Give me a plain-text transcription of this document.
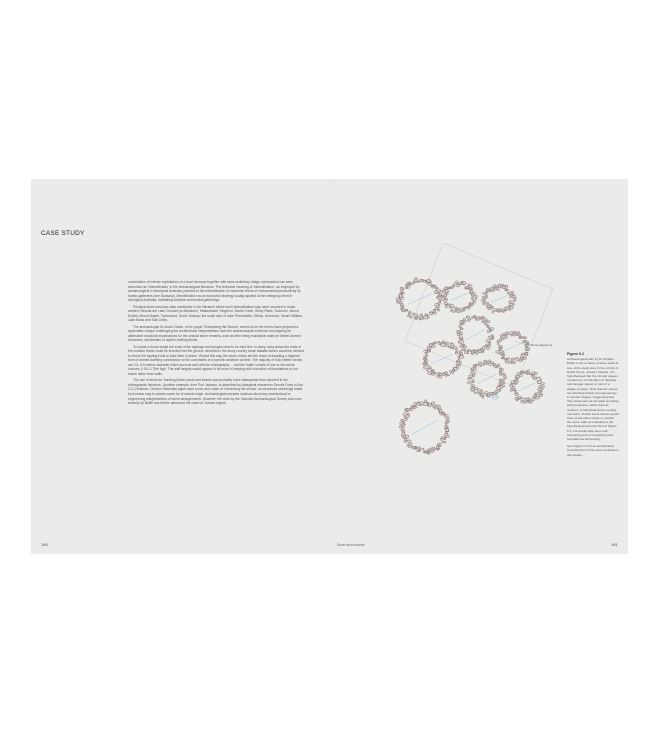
CASE STUDY

combination of intense exploitation of a local resource together with semi-sedentary village construction has been described as 'intensification' in the archaeological literature. The technical meaning of 'intensification', as employed by archaeologists in Aboriginal Australia, pertains to the intensification of economic levels of environmental productivity by hunter-gatherers (see Glossary). Intensification as an economic strategy usually applied at the intergroup level in Aboriginal Australia, facilitating sizeable ceremonial gatherings.

Principal stone structure sites mentioned in the literature where such intensification may have occurred in south-western Victoria are Lake Condah (or Allambee), Wallacedale, Kinghorn, Darlot Creek, Stony Rises, Tooloorlo, Mount Eccles, Mount Napier, Tyrendarra, Gorrie Swamp, the south side of Lake Purrumbete, Ettrick, Homerton, Mount William, Lake Bolac and Salt Creek.

The archaeologist Dr Annie Clarke, in her paper 'Romancing the Stones', seems to be the first to have prepared a systematic critique challenging the architectural interpretations from the archaeological evidence and arguing for alternative structural explanations for the circular stone remains, such as their being foundation walls for timber-domed structures, windbreaks or depths-hunting blinds.

To create a dome shape the ends of the saplings and boughs need to be held firm. In stony rocky areas the ends of the wooden frame could be inserted into the ground, whereas in the stony country loose basalts stones would be needed to chock the sapling ends to hold them in place. Viewed this way the stone circles are the result of adapting a regional form of domed dwelling construction to the constraints of a specific landform context. The majority of rock shelter circles are 3.0–3.5 metres diameter which accords well with the ethnography ... and the 'walls' consist of one or two stone courses, 0.50–0.75m high. The wall heights would appear to be more in keeping with a function of foundations or hut bases rather than walls.

The use of stone for 'bonding timber posts and beams was probably more widespread than reported in the ethnographic literature. (Another example, from Port Jackson, is described by Aboriginal researcher Dennis Foley in Box 3.2.) However, Clarke's influential paper went so far as to warn of 'romancing the stones', as structures seemingly made by humans may in certain cases be of natural origin. Archaeologists became cautious about any architectural or engineering interpretations of stone arrangements. However, the work by the Victorian Archaeological Survey and more recently by Builth has further advanced the case for 'human origins'.

190	Stone and structure	191
Line Stone Alignment
Figure 6.2

Archaeological plan by Dr Heather Builth of the remains of stone walls at one of the study sites in the vicinity of Darlot Creek, western Victoria. It is hypothesised that the circular spaces contained a combination of dwelling and storage spaces in part of a village complex. Note that the stones are distributed fairly homogeneously in circular shapes, suggesting that they functioned as hut walls providing wind protection, rather than as 'outlines' of individual timber-roofing members. Timber stone frames would have stood either inside or outside the stone walls as indicated in the hypothetical reconstruction in Figure 6.3, but would have been self-supporting and not requiring stone foundational buttressing.

See Figure 6.3 for an architectural reconstruction of the area enclosed in this square.
